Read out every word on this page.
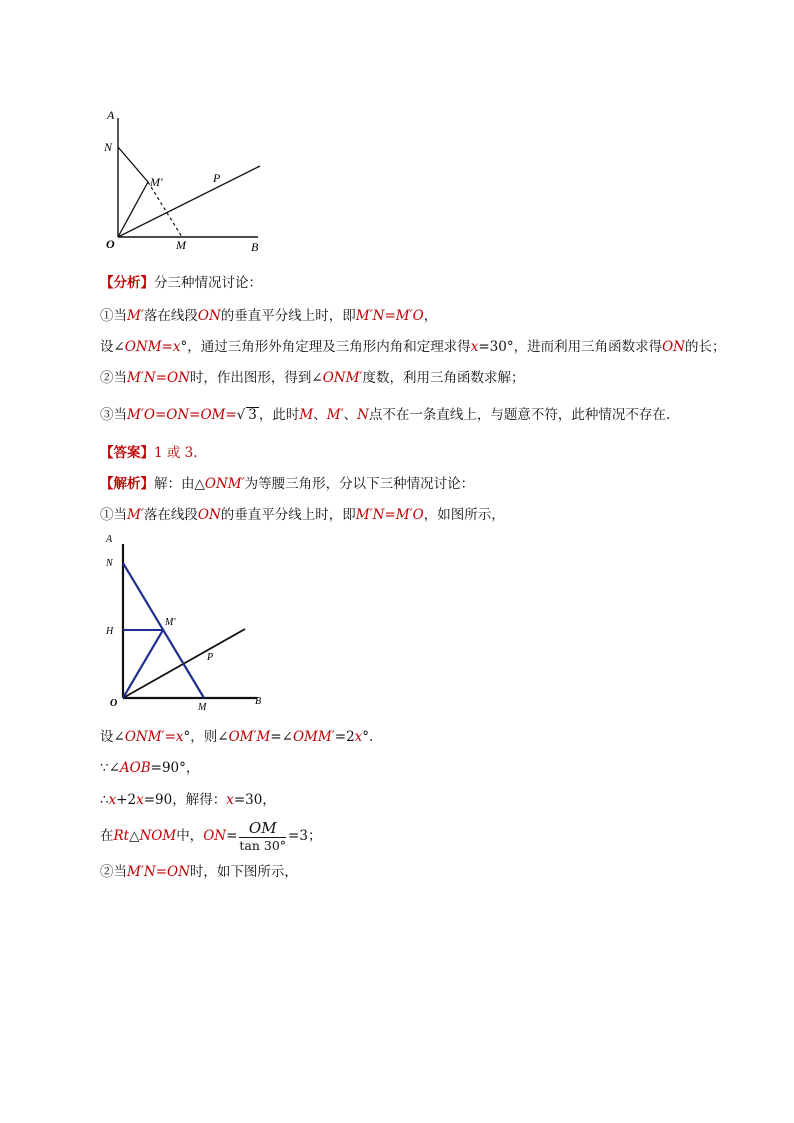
A
N
M′	P
O	M	B
【分析】分三种情况讨论：
①当M′落在线段ON的垂直平分线上时，即M′N=M′O，
设∠ONM=x°，通过三角形外角定理及三角形内角和定理求得x=30°，进而利用三角函数求得ON的长；
②当M′N=ON时，作出图形，得到∠ONM′度数，利用三角函数求解；
③当M′O=ON=OM=√ 3 ，此时M、M′、N点不在一条直线上，与题意不符，此种情况不存在.
【答案】1 或 3.
【解析】解：由△ONM′为等腰三角形，分以下三种情况讨论：
①当M′落在线段ON的垂直平分线上时，即M′N=M′O，如图所示，
A
N
H
M′
P
O	M
B
设∠ONM′=x°，则∠OM′M=∠OMM′=2x°.
∵∠AOB=90°，
∴x+2x=90，解得：x=30，
在Rt△NOM中，$ON= \frac{OM}{\tan 30^\circ} =3$；
②当M′N=ON时，如下图所示，
